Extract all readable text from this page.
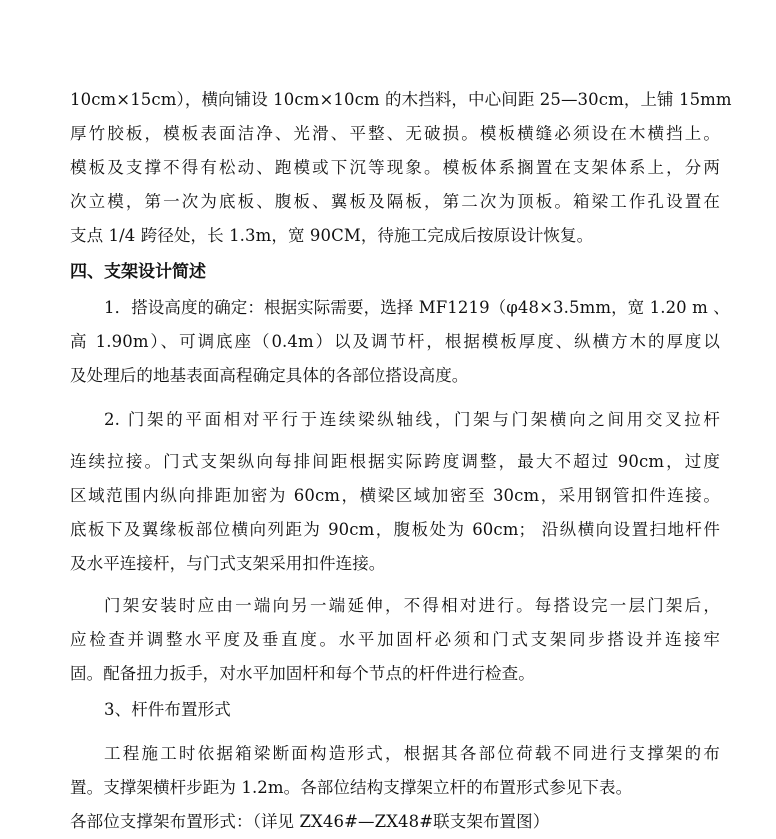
10cm×15cm），横向铺设 10cm×10cm 的木挡料，中心间距 25—30cm，上铺 15mm
厚竹胶板，模板表面洁净、光滑、平整、无破损。模板横缝必须设在木横挡上。
模板及支撑不得有松动、跑模或下沉等现象。模板体系搁置在支架体系上，分两
次立模，第一次为底板、腹板、翼板及隔板，第二次为顶板。箱梁工作孔设置在
支点 1/4 跨径处，长 1.3m，宽 90CM，待施工完成后按原设计恢复。
四、支架设计简述
1．搭设高度的确定：根据实际需要，选择 MF1219（φ48×3.5mm，宽 1.20 m 、
高 1.90m）、可调底座（0.4m）以及调节杆，根据模板厚度、纵横方木的厚度以
及处理后的地基表面高程确定具体的各部位搭设高度。
2. 门架的平面相对平行于连续梁纵轴线，门架与门架横向之间用交叉拉杆
连续拉接。门式支架纵向每排间距根据实际跨度调整，最大不超过 90cm，过度
区域范围内纵向排距加密为 60cm，横梁区域加密至 30cm，采用钢管扣件连接。
底板下及翼缘板部位横向列距为 90cm，腹板处为 60cm； 沿纵横向设置扫地杆件
及水平连接杆，与门式支架采用扣件连接。
门架安装时应由一端向另一端延伸，不得相对进行。每搭设完一层门架后，
应检查并调整水平度及垂直度。水平加固杆必须和门式支架同步搭设并连接牢
固。配备扭力扳手，对水平加固杆和每个节点的杆件进行检查。
3、杆件布置形式
工程施工时依据箱梁断面构造形式，根据其各部位荷载不同进行支撑架的布
置。支撑架横杆步距为 1.2m。各部位结构支撑架立杆的布置形式参见下表。
各部位支撑架布置形式：（详见 ZX46#—ZX48#联支架布置图）
